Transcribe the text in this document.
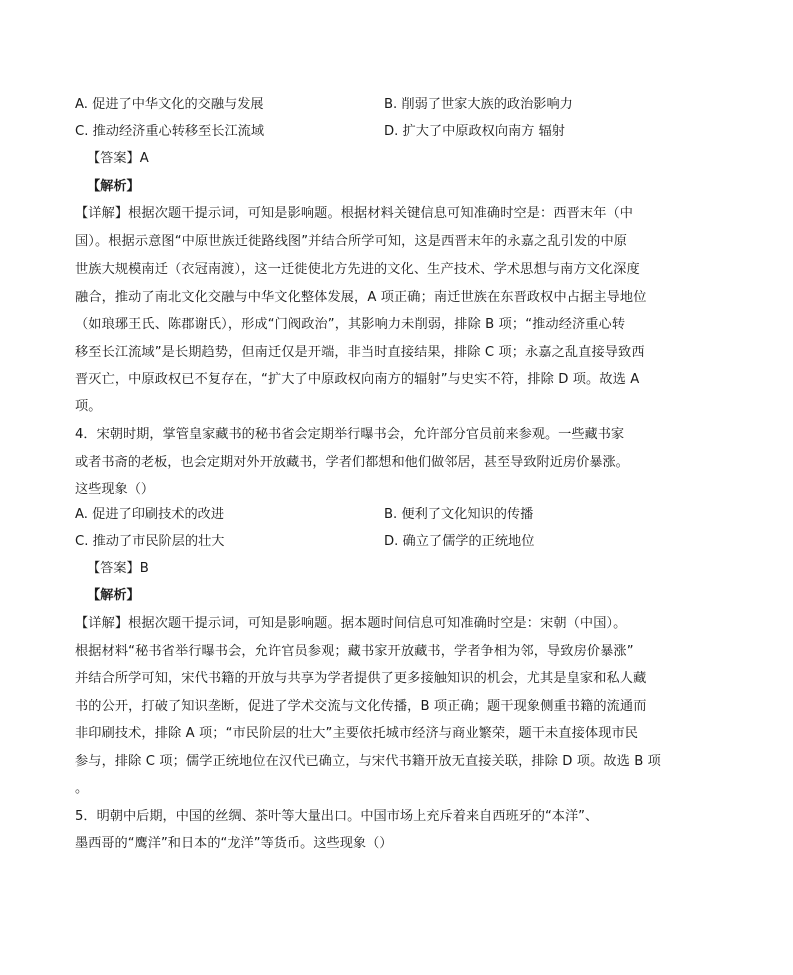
A. 促进了中华文化的交融与发展	B. 削弱了世家大族的政治影响力
C. 推动经济重心转移至长江流域	D. 扩大了中原政权向南方 辐射
【答案】A
【解析】
【详解】根据次题干提示词，可知是影响题。根据材料关键信息可知准确时空是：西晋末年（中
国）。根据示意图“中原世族迁徙路线图”并结合所学可知，这是西晋末年的永嘉之乱引发的中原
世族大规模南迁（衣冠南渡），这一迁徙使北方先进的文化、生产技术、学术思想与南方文化深度
融合，推动了南北文化交融与中华文化整体发展，A 项正确；南迁世族在东晋政权中占据主导地位
（如琅琊王氏、陈郡谢氏），形成“门阀政治”，其影响力未削弱，排除 B 项；“推动经济重心转
移至长江流域”是长期趋势，但南迁仅是开端，非当时直接结果，排除 C 项；永嘉之乱直接导致西
晋灭亡，中原政权已不复存在，“扩大了中原政权向南方的辐射”与史实不符，排除 D 项。故选 A
项。
4．宋朝时期，掌管皇家藏书的秘书省会定期举行曝书会，允许部分官员前来参观。一些藏书家
或者书斋的老板，也会定期对外开放藏书，学者们都想和他们做邻居，甚至导致附近房价暴涨。
这些现象（）
A. 促进了印刷技术的改进	B. 便利了文化知识的传播
C. 推动了市民阶层的壮大	D. 确立了儒学的正统地位
【答案】B
【解析】
【详解】根据次题干提示词，可知是影响题。据本题时间信息可知准确时空是：宋朝（中国）。
根据材料“秘书省举行曝书会，允许官员参观；藏书家开放藏书，学者争相为邻，导致房价暴涨”
并结合所学可知，宋代书籍的开放与共享为学者提供了更多接触知识的机会，尤其是皇家和私人藏
书的公开，打破了知识垄断，促进了学术交流与文化传播，B 项正确；题干现象侧重书籍的流通而
非印刷技术，排除 A 项；“市民阶层的壮大”主要依托城市经济与商业繁荣，题干未直接体现市民
参与，排除 C 项；儒学正统地位在汉代已确立，与宋代书籍开放无直接关联，排除 D 项。故选 B 项
。
5．明朝中后期，中国的丝绸、茶叶等大量出口。中国市场上充斥着来自西班牙的“本洋”、
墨西哥的“鹰洋”和日本的“龙洋”等货币。这些现象（）
